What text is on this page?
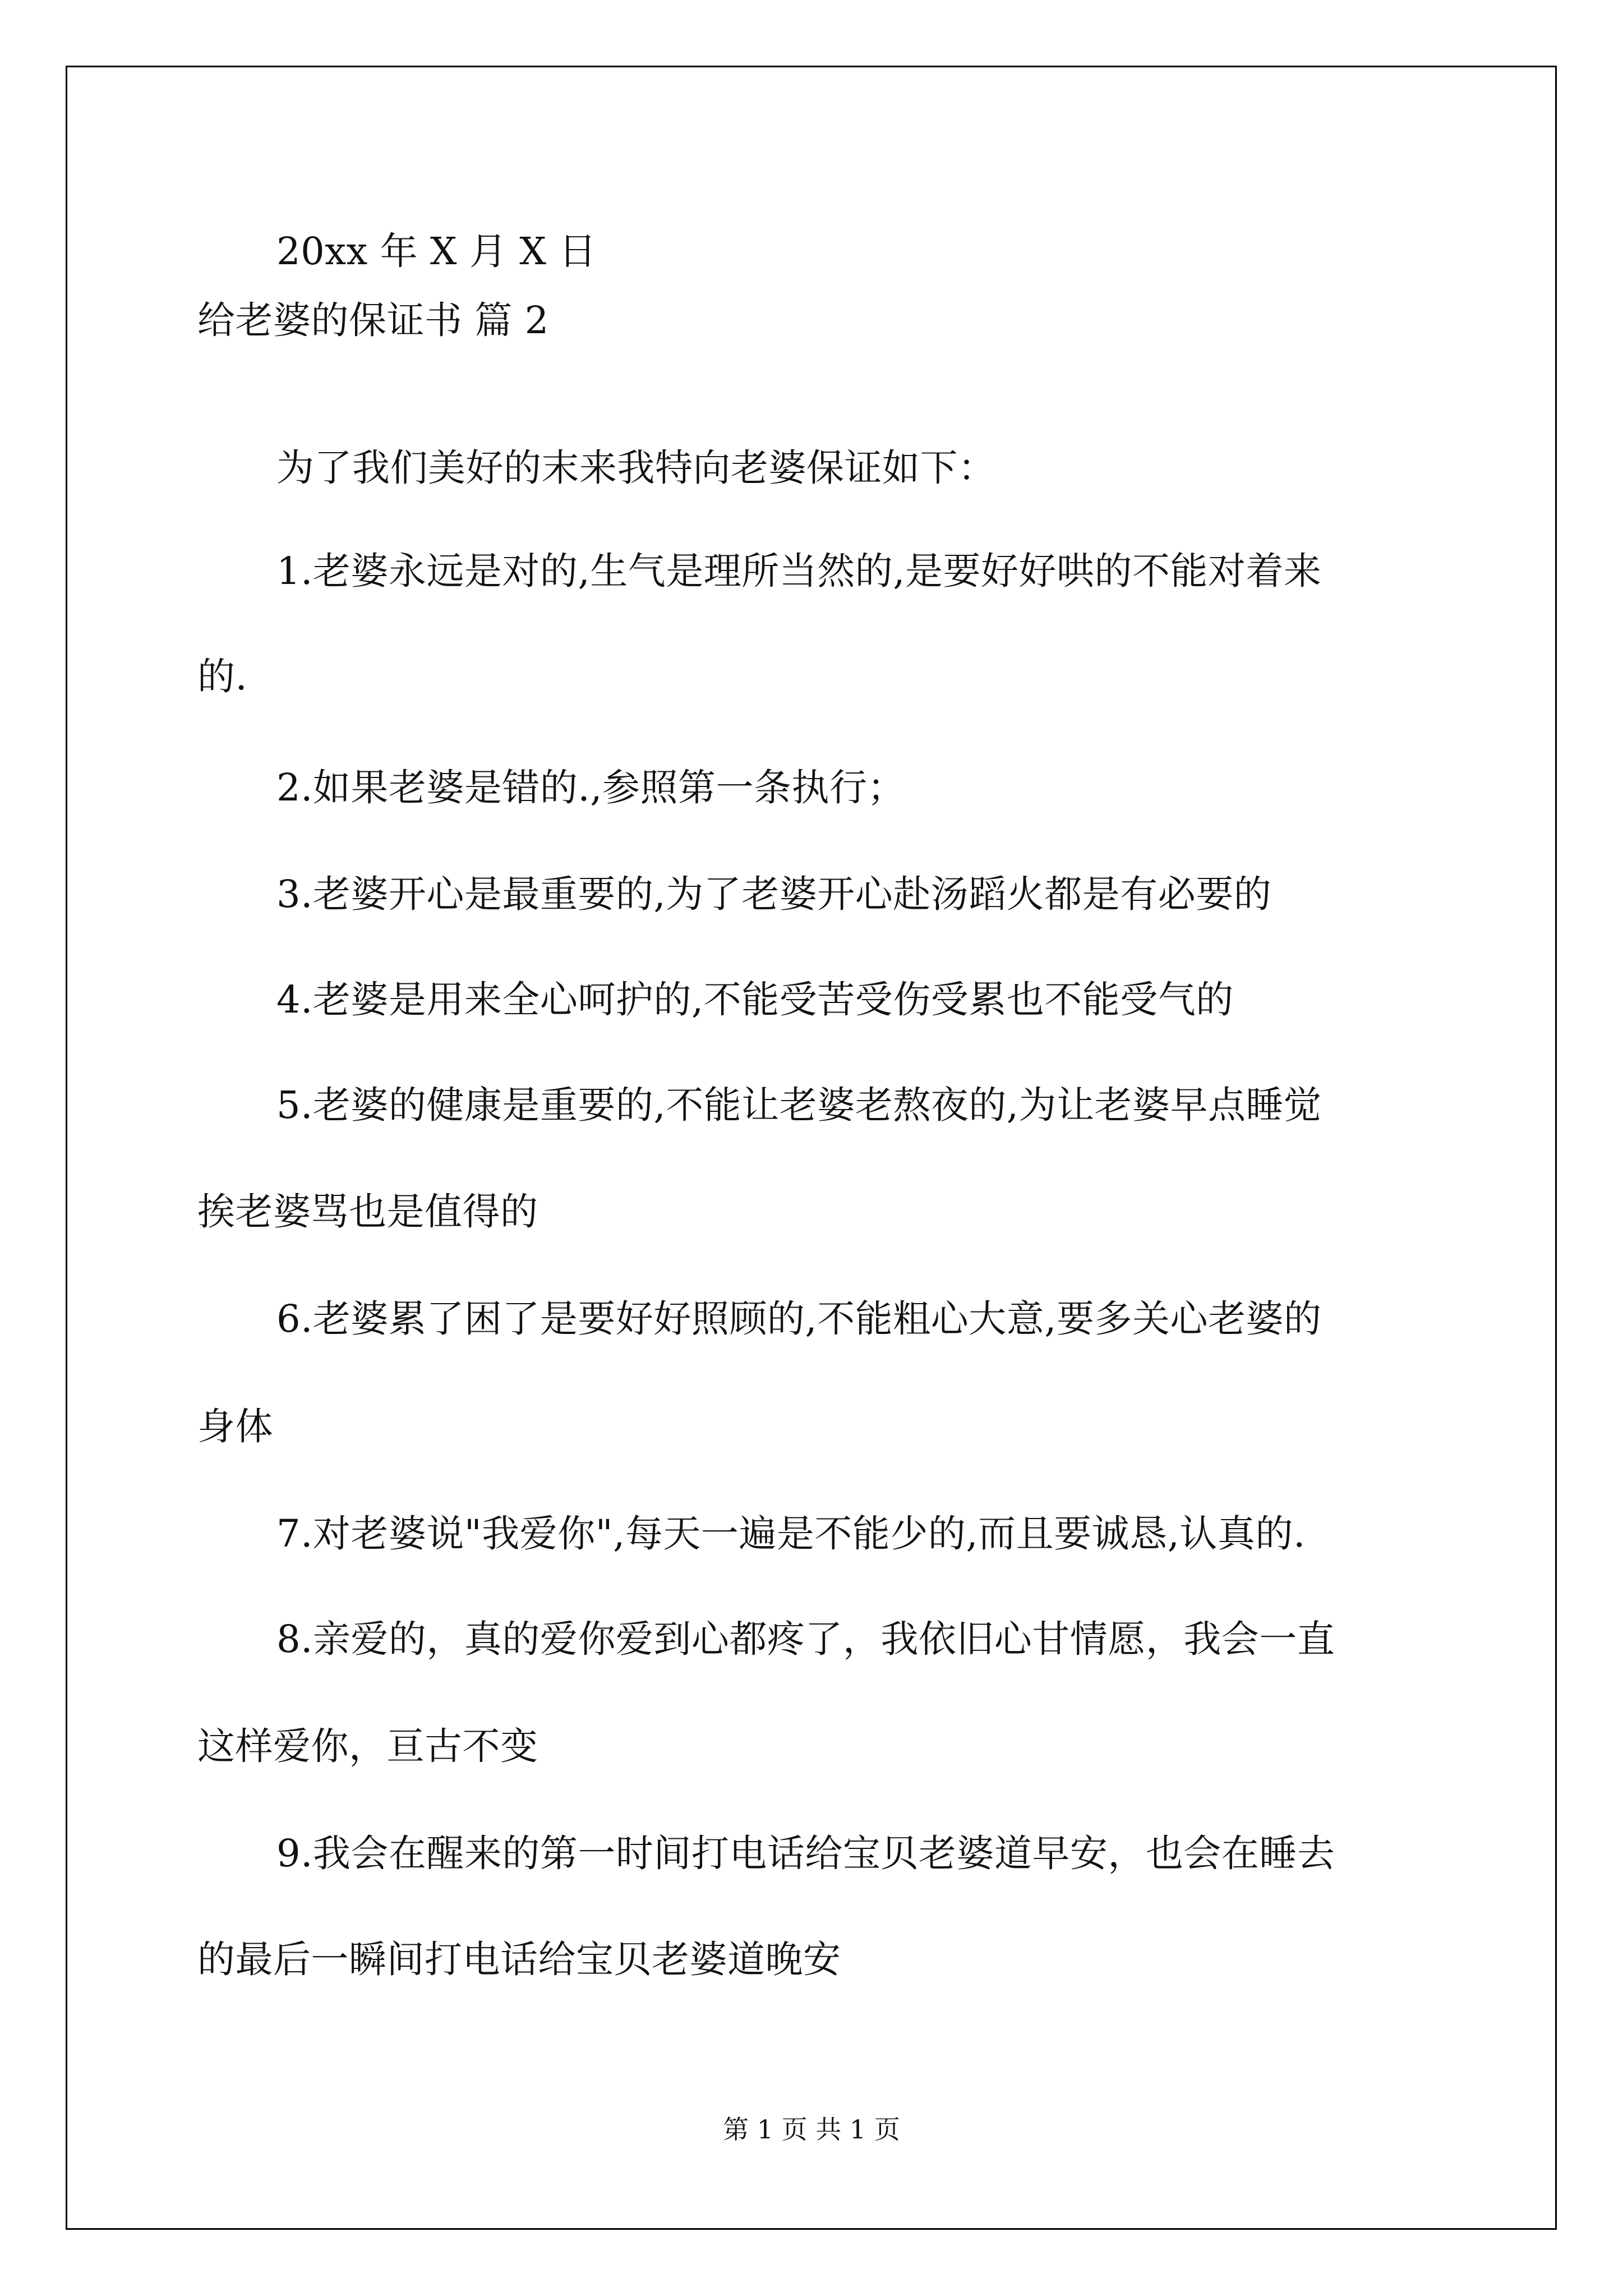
20xx 年 X 月 X 日
给老婆的保证书 篇 2
为了我们美好的末来我特向老婆保证如下：
1.老婆永远是对的,生气是理所当然的,是要好好哄的不能对着来
的.
2.如果老婆是错的.,参照第一条执行；
3.老婆开心是最重要的,为了老婆开心赴汤蹈火都是有必要的
4.老婆是用来全心呵护的,不能受苦受伤受累也不能受气的
5.老婆的健康是重要的,不能让老婆老熬夜的,为让老婆早点睡觉
挨老婆骂也是值得的
6.老婆累了困了是要好好照顾的,不能粗心大意,要多关心老婆的
身体
7.对老婆说"我爱你",每天一遍是不能少的,而且要诚恳,认真的.
8.亲爱的，真的爱你爱到心都疼了，我依旧心甘情愿，我会一直
这样爱你，亘古不变
9.我会在醒来的第一时间打电话给宝贝老婆道早安，也会在睡去
的最后一瞬间打电话给宝贝老婆道晚安
第 1 页 共 1 页
